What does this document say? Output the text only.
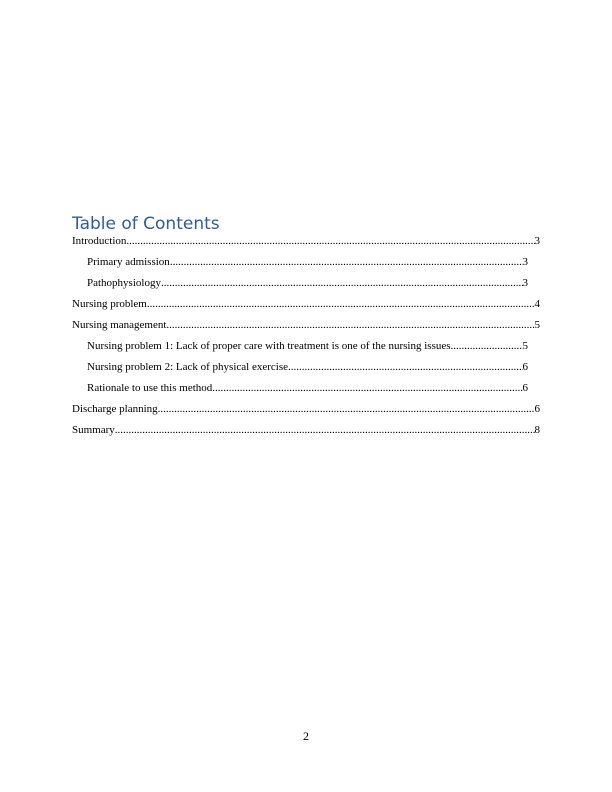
Table of Contents
Introduction .....	3
Primary admission .....	3
Pathophysiology .....	3
Nursing problem .....	4
Nursing management .....	5
Nursing problem 1: Lack of proper care with treatment is one of the nursing issues .....	5
Nursing problem 2: Lack of physical exercise .....	6
Rationale to use this method .....	6
Discharge planning .....	6
Summary .....	8
2
